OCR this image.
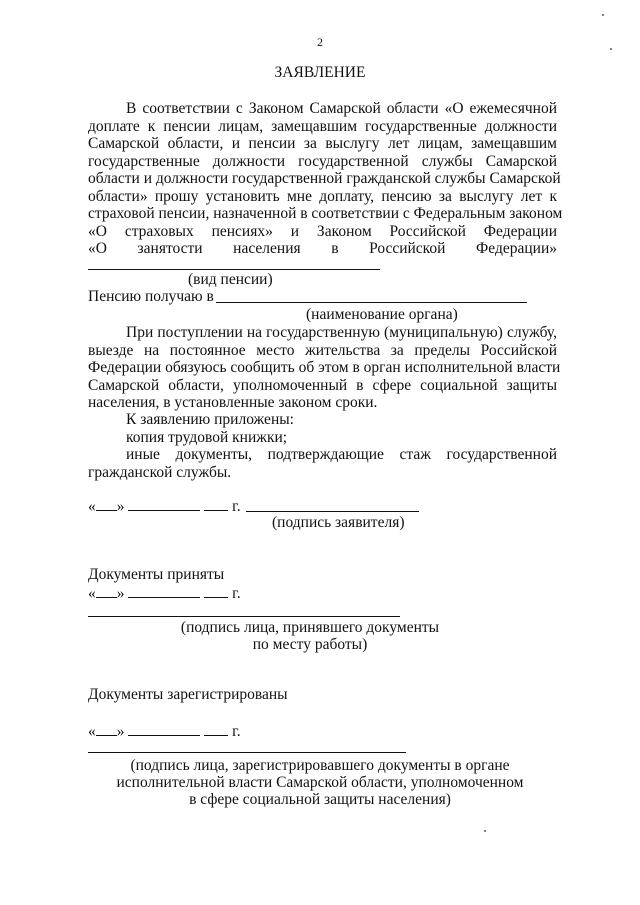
2
ЗАЯВЛЕНИЕ
В соответствии с Законом Самарской области «О ежемесячной
доплате к пенсии лицам, замещавшим государственные должности
Самарской области, и пенсии за выслугу лет лицам, замещавшим
государственные должности государственной службы Самарской
области и должности государственной гражданской службы Самарской
области» прошу установить мне доплату, пенсию за выслугу лет к
страховой пенсии, назначенной в соответствии с Федеральным законом
«О страховых пенсиях» и Законом Российской Федерации
«О занятости населения в Российской Федерации»
(вид пенсии)
Пенсию получаю в
(наименование органа)
При поступлении на государственную (муниципальную) службу,
выезде на постоянное место жительства за пределы Российской
Федерации обязуюсь сообщить об этом в орган исполнительной власти
Самарской области, уполномоченный в сфере социальной защиты
населения, в установленные законом сроки.
К заявлению приложены:
копия трудовой книжки;
иные документы, подтверждающие стаж государственной
гражданской службы.
« »	г.
(подпись заявителя)
Документы приняты
« »	г.
(подпись лица, принявшего документы
по месту работы)
Документы зарегистрированы
« »	г.
(подпись лица, зарегистрировавшего документы в органе
исполнительной власти Самарской области, уполномоченном
в сфере социальной защиты населения)
